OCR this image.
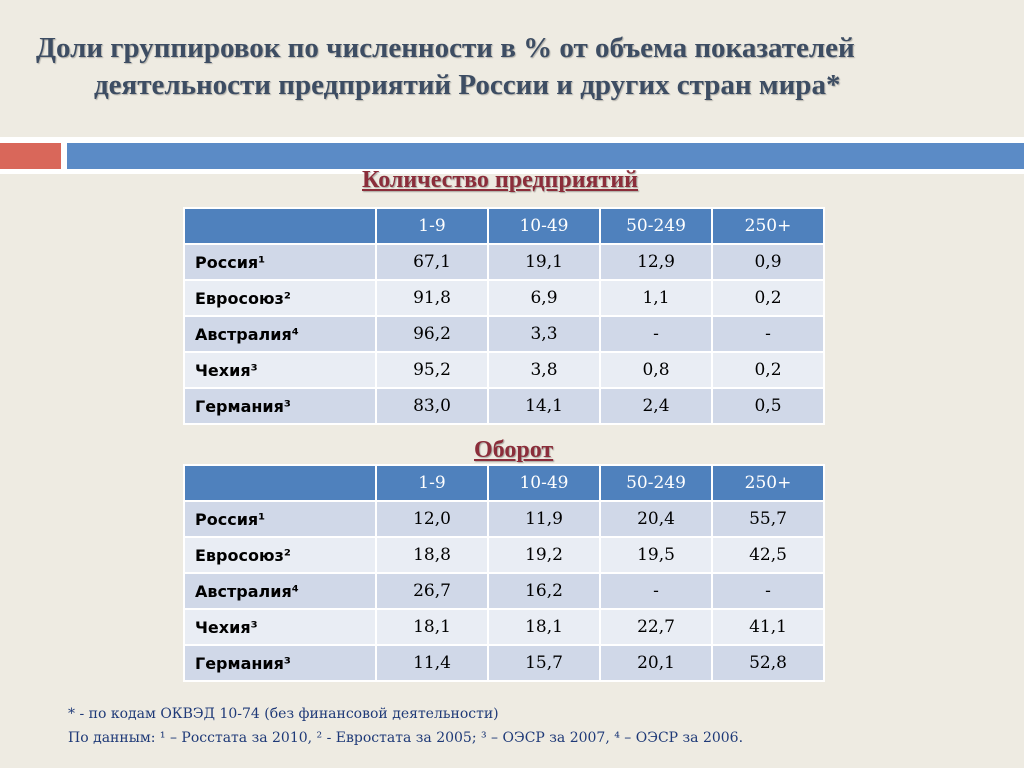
Доли группировок по численности в % от объема показателей
деятельности предприятий России и других стран мира*
Количество предприятий
	1-9	10-49	50-249	250+
Россия¹	67,1	19,1	12,9	0,9
Евросоюз²	91,8	6,9	1,1	0,2
Австралия⁴	96,2	3,3	-	-
Чехия³	95,2	3,8	0,8	0,2
Германия³	83,0	14,1	2,4	0,5
Оборот
	1-9	10-49	50-249	250+
Россия¹	12,0	11,9	20,4	55,7
Евросоюз²	18,8	19,2	19,5	42,5
Австралия⁴	26,7	16,2	-	-
Чехия³	18,1	18,1	22,7	41,1
Германия³	11,4	15,7	20,1	52,8
* - по кодам ОКВЭД 10-74 (без финансовой деятельности)
По данным: ¹ – Росстата за 2010, ² - Евростата за 2005; ³ – ОЭСР за 2007, ⁴ – ОЭСР за 2006.
